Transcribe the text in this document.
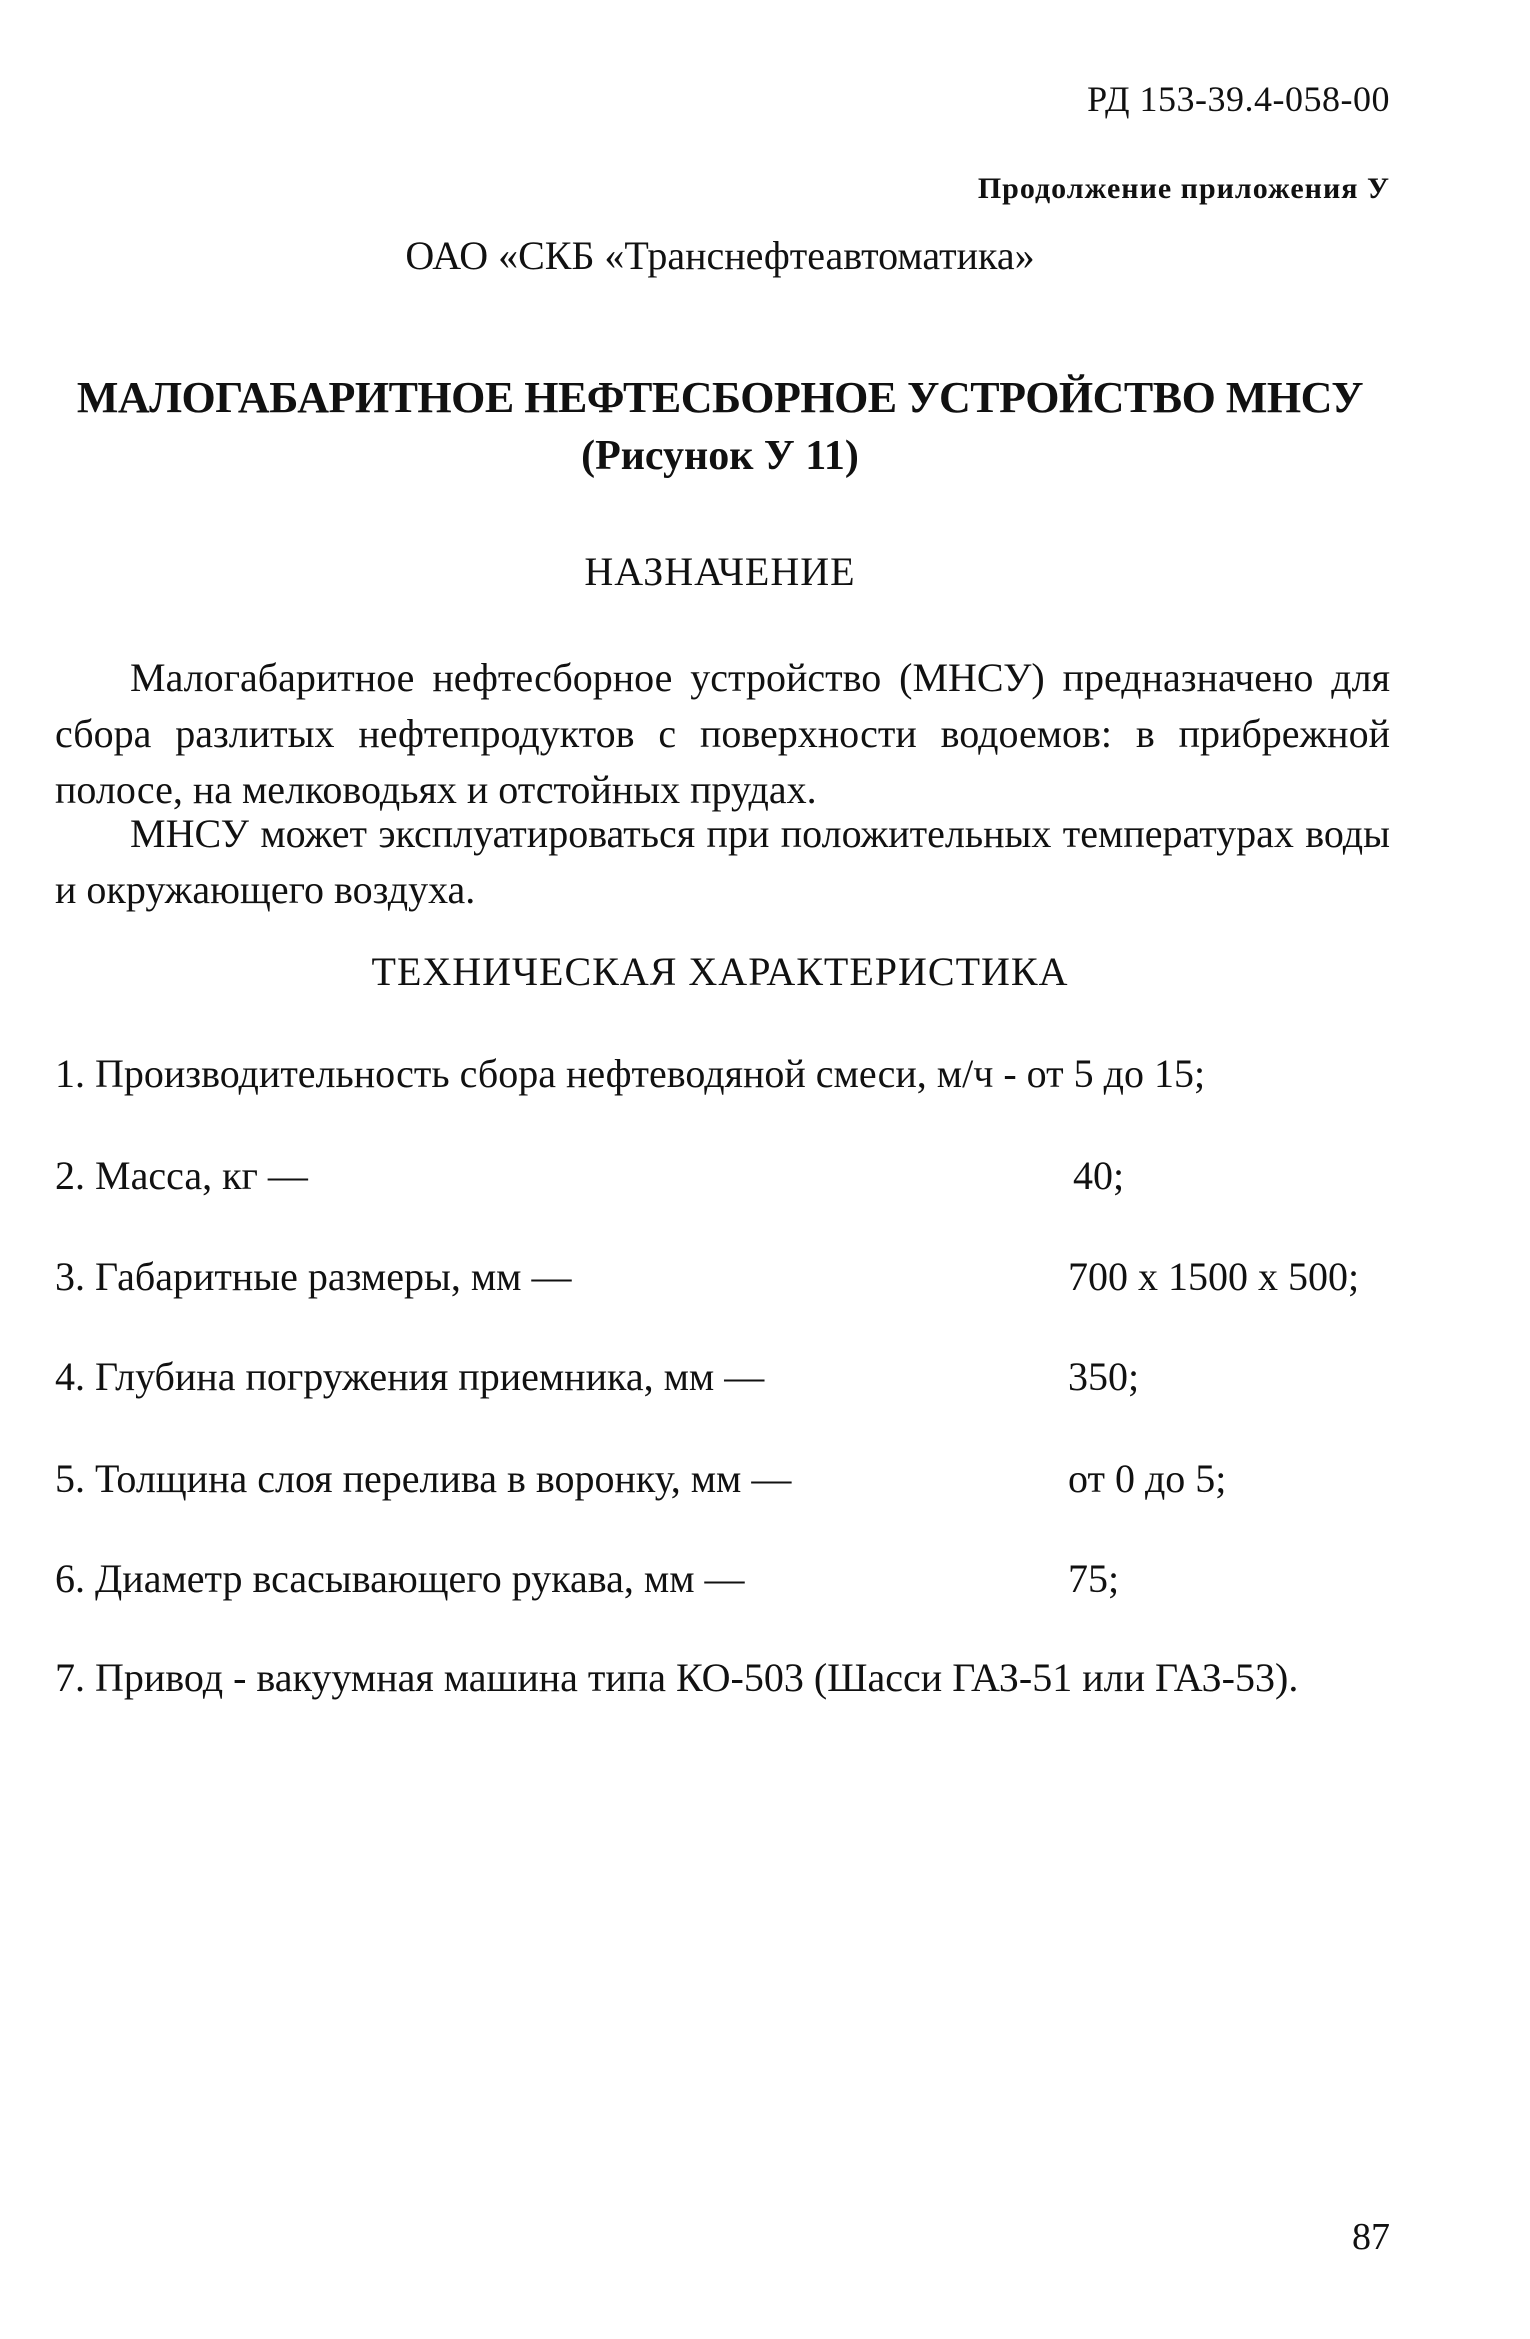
РД 153-39.4-058-00
Продолжение приложения У
ОАО «СКБ «Транснефтеавтоматика»
МАЛОГАБАРИТНОЕ НЕФТЕСБОРНОЕ УСТРОЙСТВО МНСУ
(Рисунок У 11)
НАЗНАЧЕНИЕ
Малогабаритное нефтесборное устройство (МНСУ) предназначено для сбора разлитых нефтепродуктов с поверхности водоемов: в прибрежной полосе, на мелководьях и отстойных прудах.
МНСУ может эксплуатироваться при положительных температурах воды и окружающего воздуха.
ТЕХНИЧЕСКАЯ ХАРАКТЕРИСТИКА
1. Производительность сбора нефтеводяной смеси, м/ч - от 5 до 15;
2. Масса, кг —	40;
3. Габаритные размеры, мм —	700 x 1500 x 500;
4. Глубина погружения приемника, мм —	350;
5. Толщина слоя перелива в воронку, мм —	от 0 до 5;
6. Диаметр всасывающего рукава, мм —	75;
7. Привод - вакуумная машина типа КО-503 (Шасси ГАЗ-51 или ГАЗ-53).
87
